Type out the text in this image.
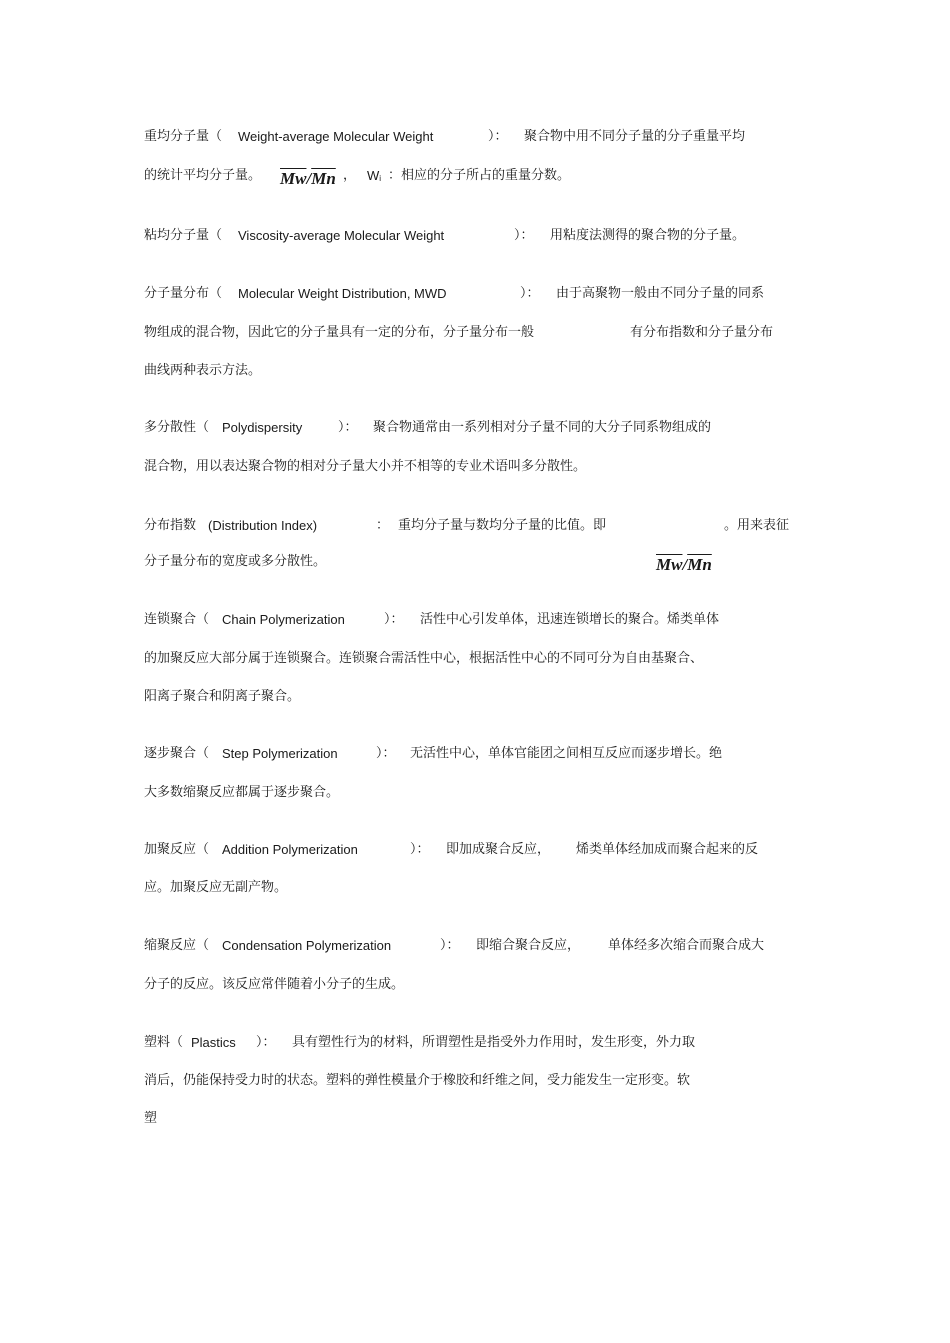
重均分子量（ Weight-average Molecular Weight	）： 聚合物中用不同分子量的分子重量平均
的统计平均分子量。 $\overline{Mw}/\overline{Mn}$ ， Wi ：相应的分子所占的重量分数。
粘均分子量（ Viscosity-average Molecular Weight	）： 用粘度法测得的聚合物的分子量。
分子量分布（ Molecular Weight Distribution, MWD	）： 由于高聚物一般由不同分子量的同系
物组成的混合物，因此它的分子量具有一定的分布，分子量分布一般	有分布指数和分子量分布
曲线两种表示方法。
多分散性（ Polydispersity	）： 聚合物通常由一系列相对分子量不同的大分子同系物组成的
混合物，用以表达聚合物的相对分子量大小并不相等的专业术语叫多分散性。
分布指数 (Distribution Index)	： 重均分子量与数均分子量的比值。即	。用来表征
分子量分布的宽度或多分散性。	$\overline{Mw}/\overline{Mn}$
连锁聚合（ Chain Polymerization	）： 活性中心引发单体，迅速连锁增长的聚合。烯类单体
的加聚反应大部分属于连锁聚合。连锁聚合需活性中心，根据活性中心的不同可分为自由基聚合、
阳离子聚合和阴离子聚合。
逐步聚合（ Step Polymerization	）： 无活性中心，单体官能团之间相互反应而逐步增长。绝
大多数缩聚反应都属于逐步聚合。
加聚反应（ Addition Polymerization	）： 即加成聚合反应， 烯类单体经加成而聚合起来的反
应。加聚反应无副产物。
缩聚反应（ Condensation Polymerization	）： 即缩合聚合反应， 单体经多次缩合而聚合成大
分子的反应。该反应常伴随着小分子的生成。
塑料（ Plastics ）： 具有塑性行为的材料，所谓塑性是指受外力作用时，发生形变，外力取
消后，仍能保持受力时的状态。塑料的弹性模量介于橡胶和纤维之间，受力能发生一定形变。软
塑
